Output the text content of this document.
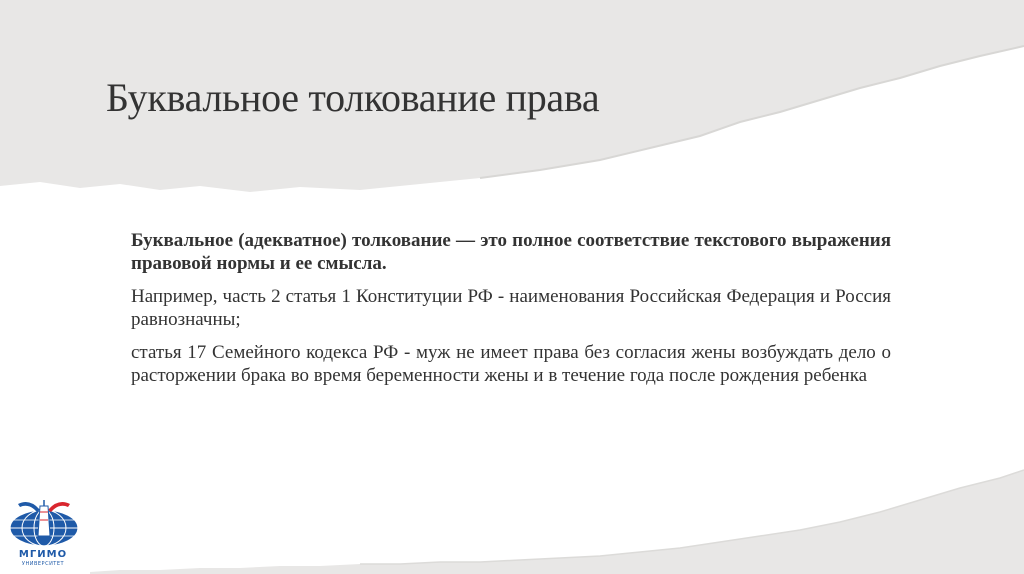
Буквальное толкование права

Буквальное (адекватное) толкование — это полное соответствие текстового выражения правовой нормы и ее смысла.

Например, часть 2 статья 1 Конституции РФ - наименования Российская Федерация и Россия равнозначны;

статья 17 Семейного кодекса РФ - муж не имеет права без согласия жены возбуждать дело о расторжении брака во время беременности жены и в течение года после рождения ребенка

МГИМО
УНИВЕРСИТЕТ
